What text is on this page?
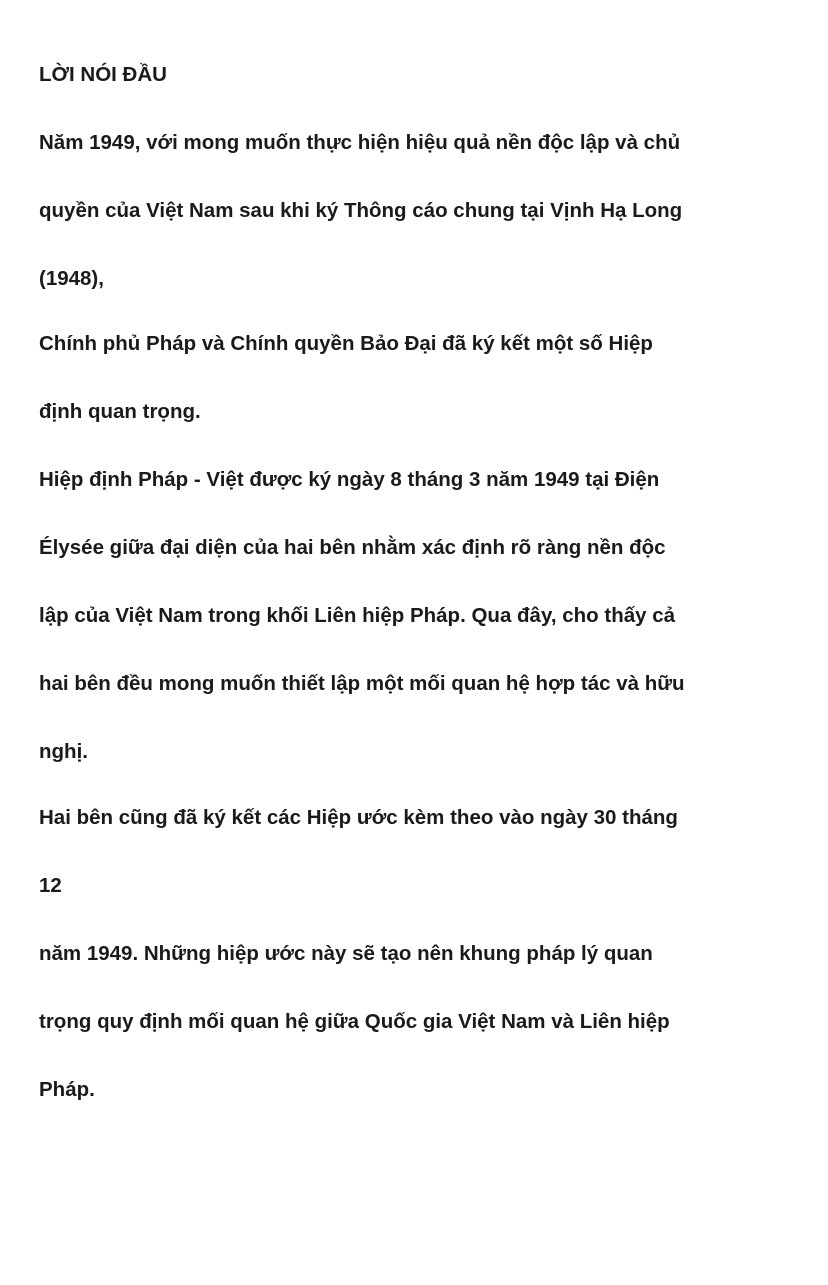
LỜI NÓI ĐẦU

Năm 1949, với mong muốn thực hiện hiệu quả nền độc lập và chủ

quyền của Việt Nam sau khi ký Thông cáo chung tại Vịnh Hạ Long

(1948),

Chính phủ Pháp và Chính quyền Bảo Đại đã ký kết một số Hiệp

định quan trọng.

Hiệp định Pháp - Việt được ký ngày 8 tháng 3 năm 1949 tại Điện

Élysée giữa đại diện của hai bên nhằm xác định rõ ràng nền độc

lập của Việt Nam trong khối Liên hiệp Pháp. Qua đây, cho thấy cả

hai bên đều mong muốn thiết lập một mối quan hệ hợp tác và hữu

nghị.

Hai bên cũng đã ký kết các Hiệp ước kèm theo vào ngày 30 tháng

12

năm 1949. Những hiệp ước này sẽ tạo nên khung pháp lý quan

trọng quy định mối quan hệ giữa Quốc gia Việt Nam và Liên hiệp

Pháp.
